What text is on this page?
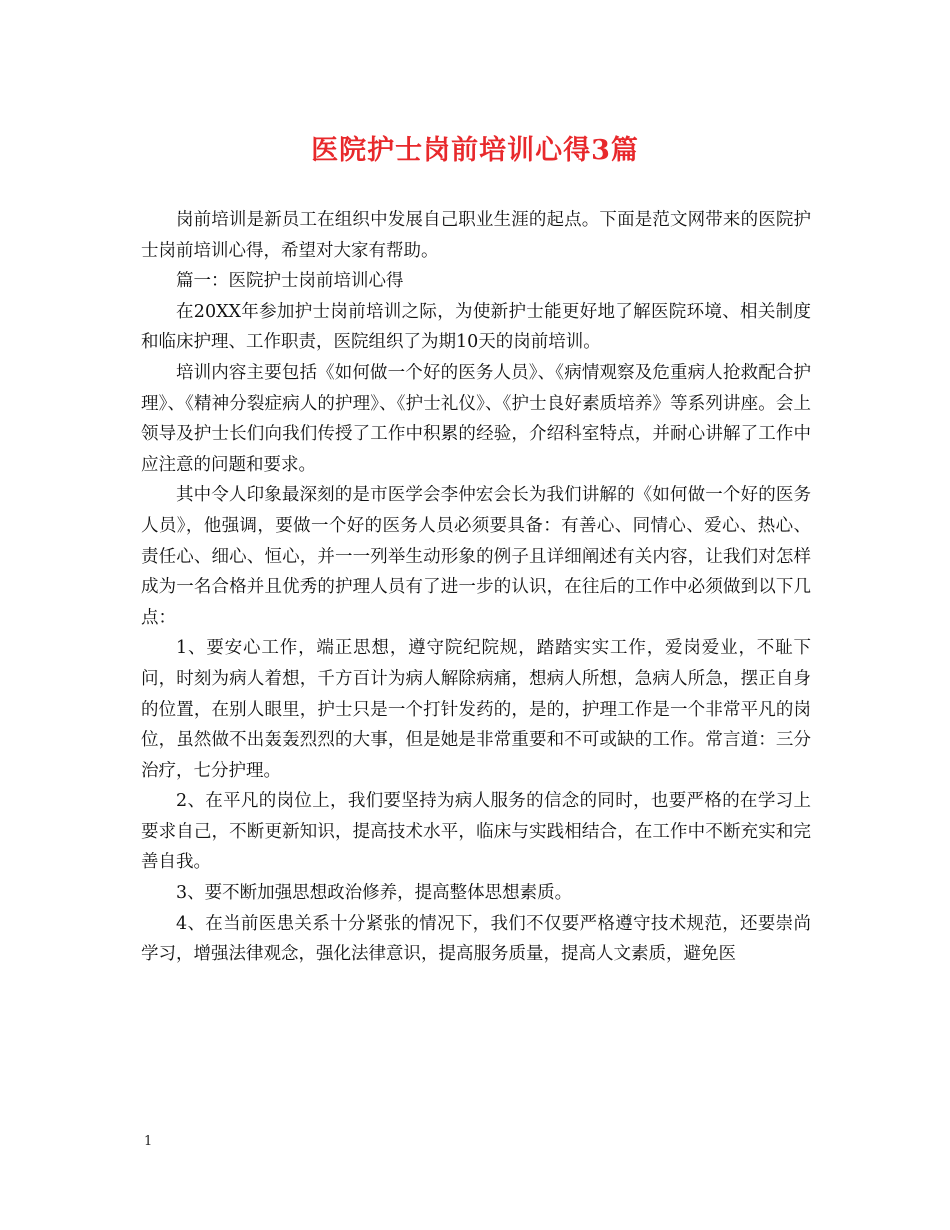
医院护士岗前培训心得3篇

岗前培训是新员工在组织中发展自己职业生涯的起点。下面是范文网带来的医院护士岗前培训心得，希望对大家有帮助。

篇一：医院护士岗前培训心得

在20XX年参加护士岗前培训之际，为使新护士能更好地了解医院环境、相关制度和临床护理、工作职责，医院组织了为期10天的岗前培训。

培训内容主要包括《如何做一个好的医务人员》、《病情观察及危重病人抢救配合护理》、《精神分裂症病人的护理》、《护士礼仪》、《护士良好素质培养》等系列讲座。会上领导及护士长们向我们传授了工作中积累的经验，介绍科室特点，并耐心讲解了工作中应注意的问题和要求。

其中令人印象最深刻的是市医学会李仲宏会长为我们讲解的《如何做一个好的医务人员》，他强调，要做一个好的医务人员必须要具备：有善心、同情心、爱心、热心、责任心、细心、恒心，并一一列举生动形象的例子且详细阐述有关内容，让我们对怎样成为一名合格并且优秀的护理人员有了进一步的认识，在往后的工作中必须做到以下几点：

1、要安心工作，端正思想，遵守院纪院规，踏踏实实工作，爱岗爱业，不耻下问，时刻为病人着想，千方百计为病人解除病痛，想病人所想，急病人所急，摆正自身的位置，在别人眼里，护士只是一个打针发药的，是的，护理工作是一个非常平凡的岗位，虽然做不出轰轰烈烈的大事，但是她是非常重要和不可或缺的工作。常言道：三分治疗，七分护理。

2、在平凡的岗位上，我们要坚持为病人服务的信念的同时，也要严格的在学习上要求自己，不断更新知识，提高技术水平，临床与实践相结合，在工作中不断充实和完善自我。

3、要不断加强思想政治修养，提高整体思想素质。

4、在当前医患关系十分紧张的情况下，我们不仅要严格遵守技术规范，还要崇尚学习，增强法律观念，强化法律意识，提高服务质量，提高人文素质，避免医

1
